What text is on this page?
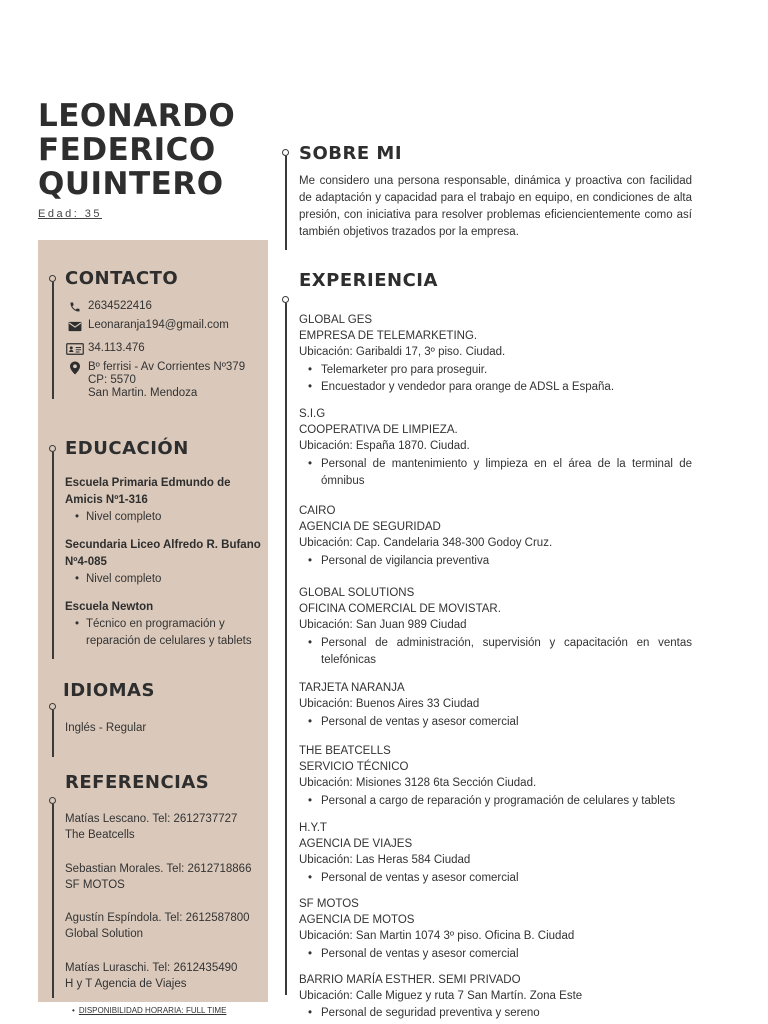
LEONARDO
FEDERICO
QUINTERO
Edad: 35
CONTACTO
2634522416
Leonaranja194@gmail.com
34.113.476
Bº ferrisi - Av Corrientes Nº379
CP: 5570
San Martin. Mendoza
EDUCACIÓN
Escuela Primaria Edmundo de Amicis Nº1-316
• Nivel completo
Secundaria Liceo Alfredo R. Bufano Nº4-085
• Nivel completo
Escuela Newton
• Técnico en programación y reparación de celulares y tablets
IDIOMAS
Inglés - Regular
REFERENCIAS
Matías Lescano. Tel: 2612737727
The Beatcells
Sebastian Morales. Tel: 2612718866
SF MOTOS
Agustín Espíndola. Tel: 2612587800
Global Solution
Matías Luraschi. Tel: 2612435490
H y T Agencia de Viajes
• DISPONIBILIDAD HORARIA: FULL TIME
SOBRE MI
Me considero una persona responsable, dinámica y proactiva con facilidad de adaptación y capacidad para el trabajo en equipo, en condiciones de alta presión, con iniciativa para resolver problemas eficiencientemente como así también objetivos trazados por la empresa.
EXPERIENCIA
GLOBAL GES
EMPRESA DE TELEMARKETING.
Ubicación: Garibaldi 17, 3º piso. Ciudad.
• Telemarketer pro para proseguir.
• Encuestador y vendedor para orange de ADSL a España.
S.I.G
COOPERATIVA DE LIMPIEZA.
Ubicación: España 1870. Ciudad.
• Personal de mantenimiento y limpieza en el área de la terminal de ómnibus
CAIRO
AGENCIA DE SEGURIDAD
Ubicación: Cap. Candelaria 348-300 Godoy Cruz.
• Personal de vigilancia preventiva
GLOBAL SOLUTIONS
OFICINA COMERCIAL DE MOVISTAR.
Ubicación: San Juan 989 Ciudad
• Personal de administración, supervisión y capacitación en ventas telefónicas
TARJETA NARANJA
Ubicación: Buenos Aires 33 Ciudad
• Personal de ventas y asesor comercial
THE BEATCELLS
SERVICIO TÉCNICO
Ubicación: Misiones 3128 6ta Sección Ciudad.
• Personal a cargo de reparación y programación de celulares y tablets
H.Y.T
AGENCIA DE VIAJES
Ubicación: Las Heras 584 Ciudad
• Personal de ventas y asesor comercial
SF MOTOS
AGENCIA DE MOTOS
Ubicación: San Martin 1074 3º piso. Oficina B. Ciudad
• Personal de ventas y asesor comercial
BARRIO MARÍA ESTHER. SEMI PRIVADO
Ubicación: Calle Miguez y ruta 7 San Martín. Zona Este
• Personal de seguridad preventiva y sereno
